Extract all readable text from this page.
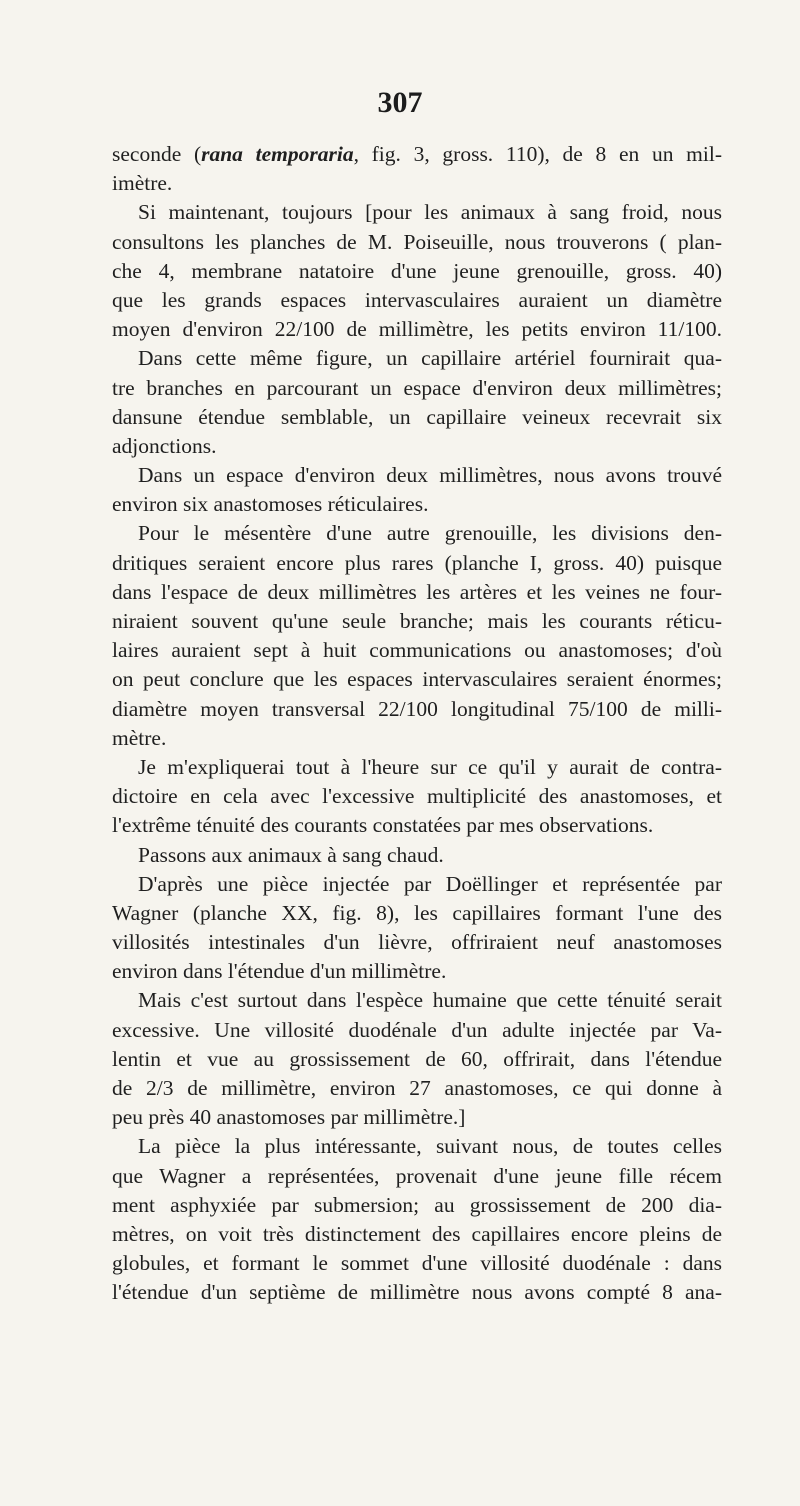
307
seconde (rana temporaria, fig. 3, gross. 110), de 8 en un mil-
imètre.
Si maintenant, toujours [pour les animaux à sang froid, nous
consultons les planches de M. Poiseuille, nous trouverons ( plan-
che 4, membrane natatoire d'une jeune grenouille, gross. 40)
que les grands espaces intervasculaires auraient un diamètre
moyen d'environ 22/100 de millimètre, les petits environ 11/100.
Dans cette même figure, un capillaire artériel fournirait qua-
tre branches en parcourant un espace d'environ deux millimètres;
dansune étendue semblable, un capillaire veineux recevrait six
adjonctions.
Dans un espace d'environ deux millimètres, nous avons trouvé
environ six anastomoses réticulaires.
Pour le mésentère d'une autre grenouille, les divisions den-
dritiques seraient encore plus rares (planche I, gross. 40) puisque
dans l'espace de deux millimètres les artères et les veines ne four-
niraient souvent qu'une seule branche; mais les courants réticu-
laires auraient sept à huit communications ou anastomoses; d'où
on peut conclure que les espaces intervasculaires seraient énormes;
diamètre moyen transversal 22/100 longitudinal 75/100 de milli-
mètre.
Je m'expliquerai tout à l'heure sur ce qu'il y aurait de contra-
dictoire en cela avec l'excessive multiplicité des anastomoses, et
l'extrême ténuité des courants constatées par mes observations.
Passons aux animaux à sang chaud.
D'après une pièce injectée par Doëllinger et représentée par
Wagner (planche XX, fig. 8), les capillaires formant l'une des
villosités intestinales d'un lièvre, offriraient neuf anastomoses
environ dans l'étendue d'un millimètre.
Mais c'est surtout dans l'espèce humaine que cette ténuité serait
excessive. Une villosité duodénale d'un adulte injectée par Va-
lentin et vue au grossissement de 60, offrirait, dans l'étendue
de 2/3 de millimètre, environ 27 anastomoses, ce qui donne à
peu près 40 anastomoses par millimètre.]
La pièce la plus intéressante, suivant nous, de toutes celles
que Wagner a représentées, provenait d'une jeune fille récem
ment asphyxiée par submersion; au grossissement de 200 dia-
mètres, on voit très distinctement des capillaires encore pleins de
globules, et formant le sommet d'une villosité duodénale : dans
l'étendue d'un septième de millimètre nous avons compté 8 ana-
